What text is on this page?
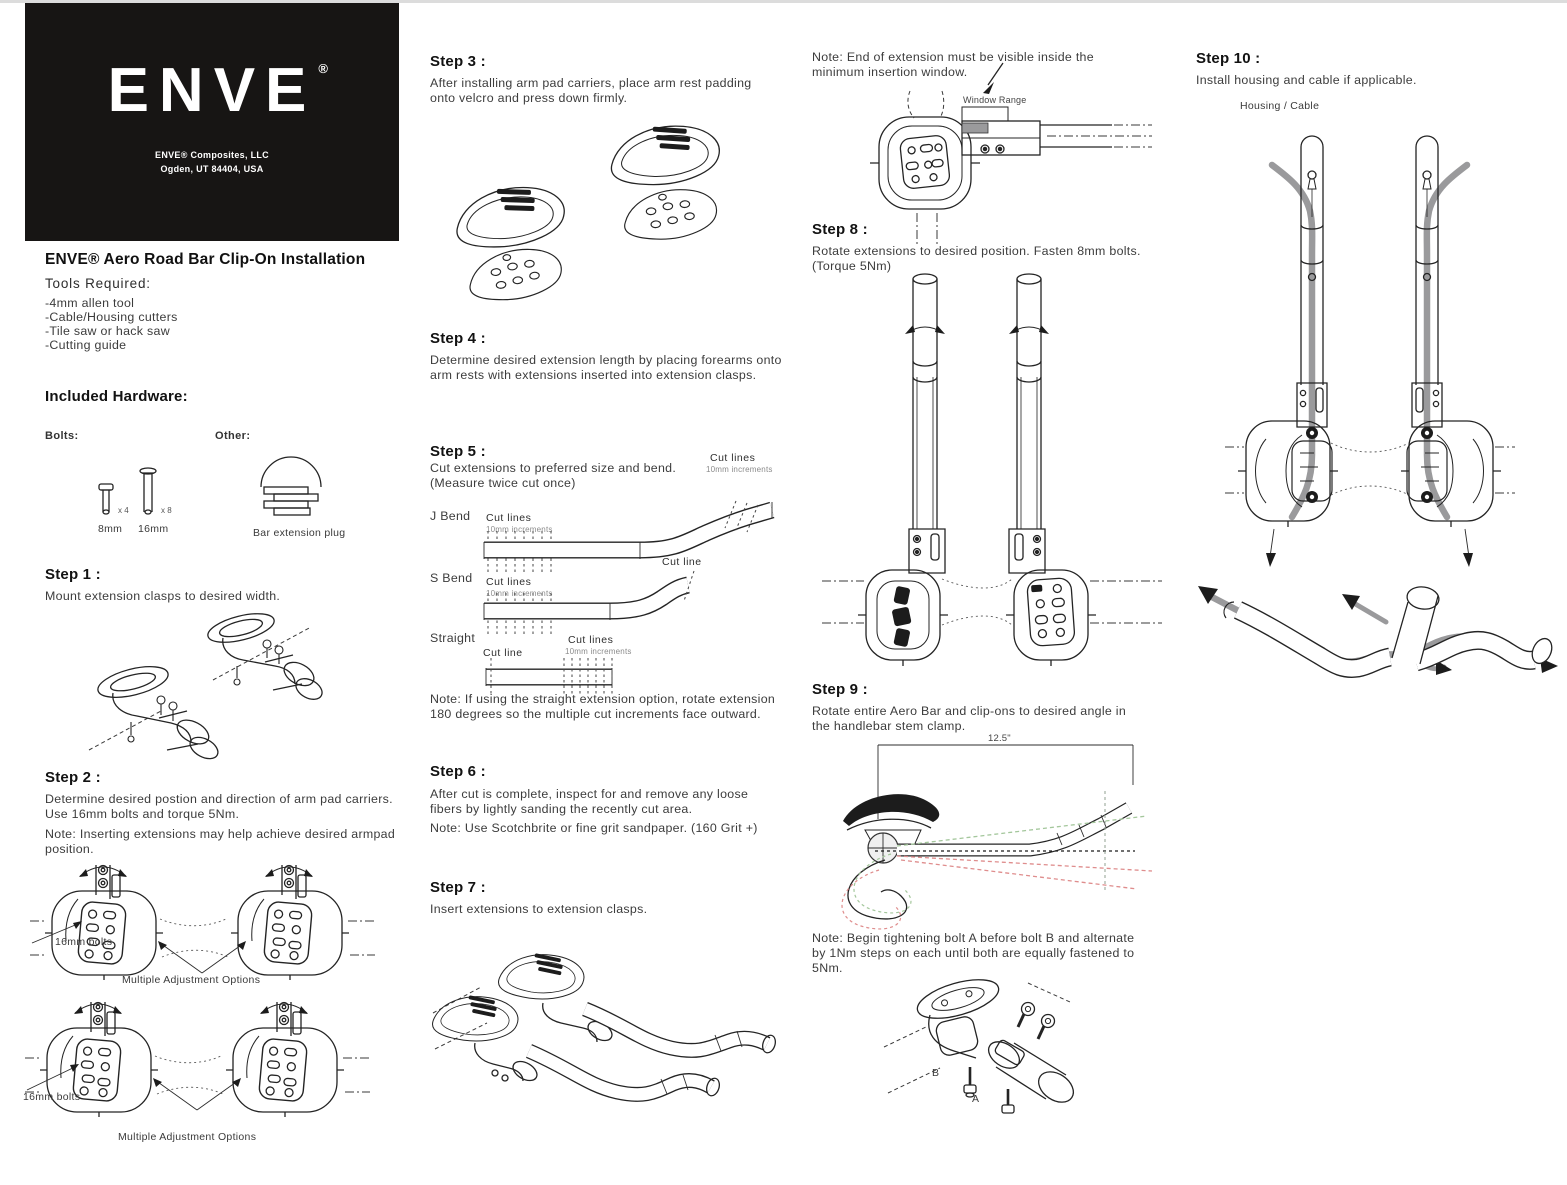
ENVE ®
ENVE® Composites, LLC
Ogden, UT 84404, USA
ENVE® Aero Road Bar Clip-On Installation
Tools Required:
-4mm allen tool
-Cable/Housing cutters
-Tile saw or hack saw
-Cutting guide
Included Hardware:
Bolts:	Other:
x 4	x 8
8mm 16mm	Bar extension plug
Step 1 :
Mount extension clasps to desired width.
Step 2 :
Determine desired postion and direction of arm pad carriers. Use 16mm bolts and torque 5Nm.
Note: Inserting extensions may help achieve desired armpad position.
16mm bolts
Multiple Adjustment Options
16mm bolts
Multiple Adjustment Options
Step 3 :
After installing arm pad carriers, place arm rest padding onto velcro and press down firmly.
Step 4 :
Determine desired extension length by placing forearms onto arm rests with extensions inserted into extension clasps.
Step 5 :
Cut extensions to preferred size and bend.
(Measure twice cut once)
Cut lines
10mm increments
J Bend Cut lines
10mm increments
S Bend
Cut line
Cut lines
10mm increments
Straight
Cut line
Cut lines
10mm increments
Note: If using the straight extension option, rotate extension 180 degrees so the multiple cut increments face outward.
Step 6 :
After cut is complete, inspect for and remove any loose fibers by lightly sanding the recently cut area.
Note: Use Scotchbrite or fine grit sandpaper. (160 Grit +)
Step 7 :
Insert extensions to extension clasps.
Note: End of extension must be visible inside the minimum insertion window.
Window Range
Step 8 :
Rotate extensions to desired position. Fasten 8mm bolts. (Torque 5Nm)
Step 9 :
Rotate entire Aero Bar and clip-ons to desired angle in the handlebar stem clamp.
12.5"
Note: Begin tightening bolt A before bolt B and alternate by 1Nm steps on each until both are equally fastened to 5Nm.
B
A
Step 10 :
Install housing and cable if applicable.
Housing / Cable
